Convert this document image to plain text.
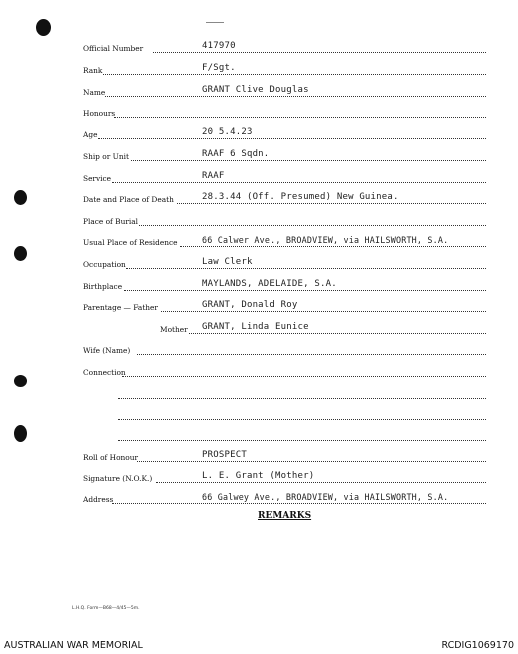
Official Number	417970
Rank	F/Sgt.
Name	GRANT Clive Douglas
Honours
Age	20 5.4.23
Ship or Unit	RAAF 6 Sqdn.
Service	RAAF
Date and Place of Death	28.3.44 (Off. Presumed) New Guinea.
Place of Burial
Usual Place of Residence	66 Calwer Ave., BROADVIEW, via HAILSWORTH, S.A.
Occupation	Law Clerk
Birthplace	MAYLANDS, ADELAIDE, S.A.
Parentage — Father	GRANT, Donald Roy
Mother GRANT, Linda Eunice
Wife (Name)
Connection
Roll of Honour	PROSPECT
Signature (N.O.K.)	L. E. Grant (Mother)
Address	66 Galwey Ave., BROADVIEW, via HAILSWORTH, S.A.
REMARKS
L.H.Q. Form—B68—4/45—5m.
AUSTRALIAN WAR MEMORIAL	RCDIG1069170
